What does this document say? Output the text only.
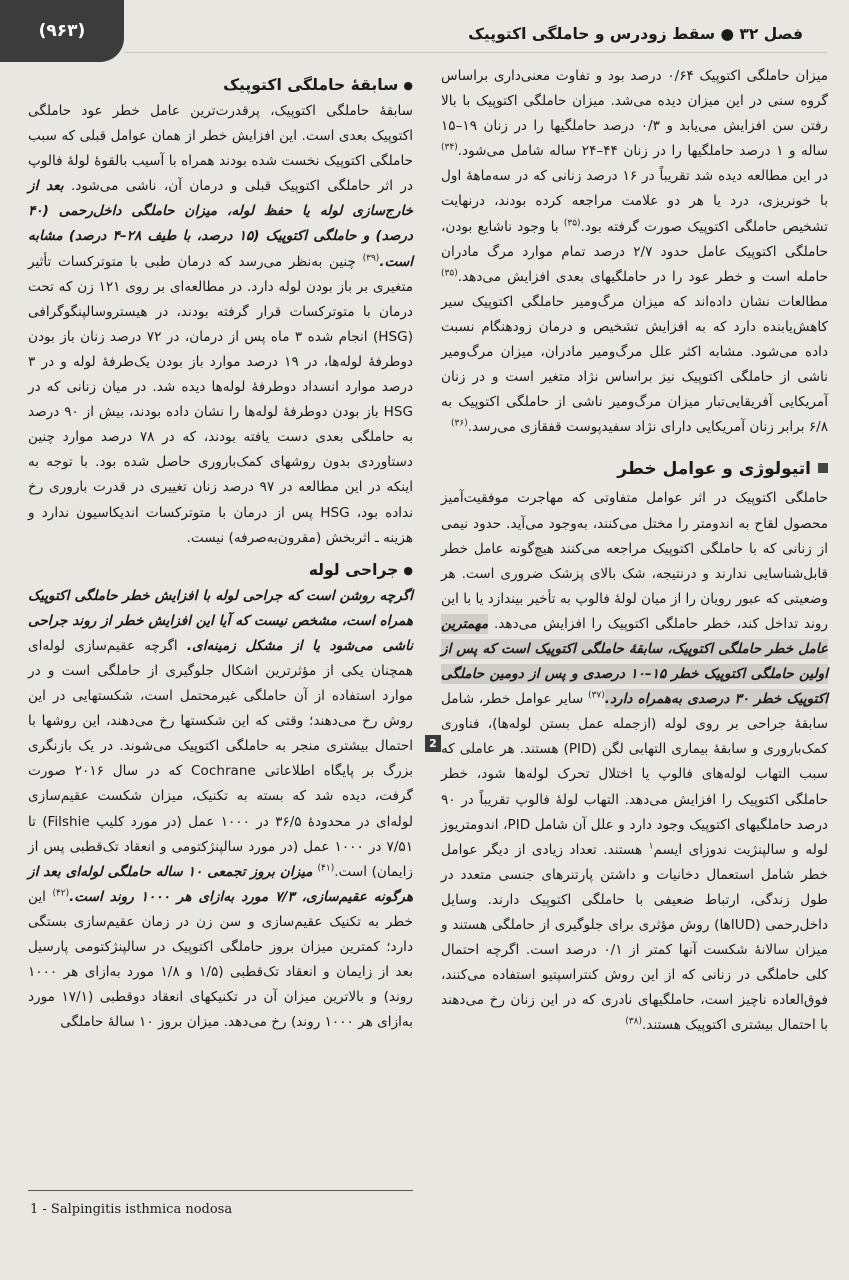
(۹۶۳)	فصل ۳۲ ● سقط زودرس و حاملگی اکتوپیک

میزان حاملگی اکتوپیک ۰/۶۴ درصد بود و تفاوت معنی‌داری براساس گروه سنی در این میزان دیده می‌شد. میزان حاملگی اکتوپیک با بالا رفتن سن افزایش می‌یابد و ۰/۳ درصد حاملگیها را در زنان ۱۹–۱۵ ساله و ۱ درصد حاملگیها را در زنان ۴۴–۲۴ ساله شامل می‌شود.$^{(۳۴)}$ در این مطالعه دیده شد تقریباً در ۱۶ درصد زنانی که در سه‌ماههٔ اول با خونریزی، درد یا هر دو علامت مراجعه کرده بودند، درنهایت تشخیص حاملگی اکتوپیک صورت گرفته بود.$^{(۳۵)}$ با وجود ناشایع بودن، حاملگی اکتوپیک عامل حدود ۲/۷ درصد تمام موارد مرگ مادران حامله است و خطر عود را در حاملگیهای بعدی افزایش می‌دهد.$^{(۳۵)}$ مطالعات نشان داده‌اند که میزان مرگ‌ومیر حاملگی اکتوپیک سیر کاهش‌یابنده دارد که به افزایش تشخیص و درمان زودهنگام نسبت داده می‌شود. مشابه اکثر علل مرگ‌ومیر مادران، میزان مرگ‌ومیر ناشی از حاملگی اکتوپیک نیز براساس نژاد متغیر است و در زنان آمریکایی آفریقایی‌تبار میزان مرگ‌ومیر ناشی از حاملگی اکتوپیک به ۶/۸ برابر زنان آمریکایی دارای نژاد سفیدپوست قفقازی می‌رسد.$^{(۳۶)}$

اتیولوژی و عوامل خطر

حاملگی اکتوپیک در اثر عوامل متفاوتی که مهاجرت موفقیت‌آمیز محصول لقاح به اندومتر را مختل می‌کنند، به‌وجود می‌آید. حدود نیمی از زنانی که با حاملگی اکتوپیک مراجعه می‌کنند هیچ‌گونه عامل خطر قابل‌شناسایی ندارند و درنتیجه، شک بالای پزشک ضروری است. هر وضعیتی که عبور رویان را از میان لولهٔ فالوپ به تأخیر بیندازد یا با این روند تداخل کند، خطر حاملگی اکتوپیک را افزایش می‌دهد. مهمترین عامل خطر حاملگی اکتوپیک، سابقهٔ حاملگی اکتوپیک است که پس از اولین حاملگی اکتوپیک خطر ۱۵–۱۰ درصدی و پس از دومین حاملگی اکتوپیک خطر ۳۰ درصدی به‌همراه دارد.$^{(۳۷)}$ سایر عوامل خطر، شامل سابقهٔ جراحی بر روی لوله (ازجمله عمل بستن لوله‌ها)، فناوری کمک‌باروری و سابقهٔ بیماری التهابی لگن (PID) هستند. هر عاملی که سبب التهاب لوله‌های فالوپ یا اختلال تحرک لوله‌ها شود، خطر حاملگی اکتوپیک را افزایش می‌دهد. التهاب لولهٔ فالوپ تقریباً در ۹۰ درصد حاملگیهای اکتوپیک وجود دارد و علل آن شامل PID، اندومتریوز لوله و سالپنژیت ندوزای ایسم$^۱$ هستند. تعداد زیادی از دیگر عوامل خطر شامل استعمال دخانیات و داشتن پارتنرهای جنسی متعدد در طول زندگی، ارتباط ضعیفی با حاملگی اکتوپیک دارند. وسایل داخل‌رحمی (IUDها) روش مؤثری برای جلوگیری از حاملگی هستند و میزان سالانهٔ شکست آنها کمتر از ۰/۱ درصد است. اگرچه احتمال کلی حاملگی در زنانی که از این روش کنتراسپتیو استفاده می‌کنند، فوق‌العاده ناچیز است، حاملگیهای نادری که در این زنان رخ می‌دهند با احتمال بیشتری اکتوپیک هستند.$^{(۳۸)}$

2
●سابقهٔ حاملگی اکتوپیک

سابقهٔ حاملگی اکتوپیک، پرقدرت‌ترین عامل خطر عود حاملگی اکتوپیک بعدی است. این افزایش خطر از همان عوامل قبلی که سبب حاملگی اکتوپیک نخست شده بودند همراه با آسیب بالقوهٔ لولهٔ فالوپ در اثر حاملگی اکتوپیک قبلی و درمان آن، ناشی می‌شود. بعد از خارج‌سازی لوله یا حفظ لوله، میزان حاملگی داخل‌رحمی (۴۰ درصد) و حاملگی اکتوپیک (۱۵ درصد، با طیف ۲۸–۴ درصد) مشابه است.$^{(۳۹)}$ چنین به‌نظر می‌رسد که درمان طبی با متوترکسات تأثیر متغیری بر باز بودن لوله دارد. در مطالعه‌ای بر روی ۱۲۱ زن که تحت درمان با متوترکسات قرار گرفته بودند، در هیستروسالپنگوگرافی (HSG) انجام شده ۳ ماه پس از درمان، در ۷۲ درصد زنان باز بودن دوطرفهٔ لوله‌ها، در ۱۹ درصد موارد باز بودن یک‌طرفهٔ لوله و در ۳ درصد موارد انسداد دوطرفهٔ لوله‌ها دیده شد. در میان زنانی که در HSG باز بودن دوطرفهٔ لوله‌ها را نشان داده بودند، بیش از ۹۰ درصد به حاملگی بعدی دست یافته بودند، که در ۷۸ درصد موارد چنین دستاوردی بدون روشهای کمک‌باروری حاصل شده بود. با توجه به اینکه در این مطالعه در ۹۷ درصد زنان تغییری در قدرت باروری رخ نداده بود، HSG پس از درمان با متوترکسات اندیکاسیون ندارد و هزینه ـ اثربخش (مقرون‌به‌صرفه) نیست.

●جراحی لوله

اگرچه روشن است که جراحی لوله با افزایش خطر حاملگی اکتوپیک همراه است، مشخص نیست که آیا این افزایش خطر از روند جراحی ناشی می‌شود یا از مشکل زمینه‌ای. اگرچه عقیم‌سازی لوله‌ای همچنان یکی از مؤثرترین اشکال جلوگیری از حاملگی است و در موارد استفاده از آن حاملگی غیرمحتمل است، شکستهایی در این روش رخ می‌دهند؛ وقتی که این شکستها رخ می‌دهند، این روشها با احتمال بیشتری منجر به حاملگی اکتوپیک می‌شوند. در یک بازنگری بزرگ بر پایگاه اطلاعاتی Cochrane که در سال ۲۰۱۶ صورت گرفت، دیده شد که بسته به تکنیک، میزان شکست عقیم‌سازی لوله‌ای در محدودهٔ ۳۶/۵ در ۱۰۰۰ عمل (در مورد کلیپ Filshie) تا ۷/۵۱ در ۱۰۰۰ عمل (در مورد سالپنژکتومی و انعقاد تک‌قطبی پس از زایمان) است.$^{(۴۱)}$ میزان بروز تجمعی ۱۰ ساله حاملگی لوله‌ای بعد از هرگونه عقیم‌سازی، ۷/۳ مورد به‌ازای هر ۱۰۰۰ روند است.$^{(۴۲)}$ این خطر به تکنیک عقیم‌سازی و سن زن در زمان عقیم‌سازی بستگی دارد؛ کمترین میزان بروز حاملگی اکتوپیک در سالپنژکتومی پارسیل بعد از زایمان و انعقاد تک‌قطبی (۱/۵ و ۱/۸ مورد به‌ازای هر ۱۰۰۰ روند) و بالاترین میزان آن در تکنیکهای انعقاد دوقطبی (۱۷/۱ مورد به‌ازای هر ۱۰۰۰ روند) رخ می‌دهد. میزان بروز ۱۰ سالهٔ حاملگی

1 - Salpingitis isthmica nodosa
